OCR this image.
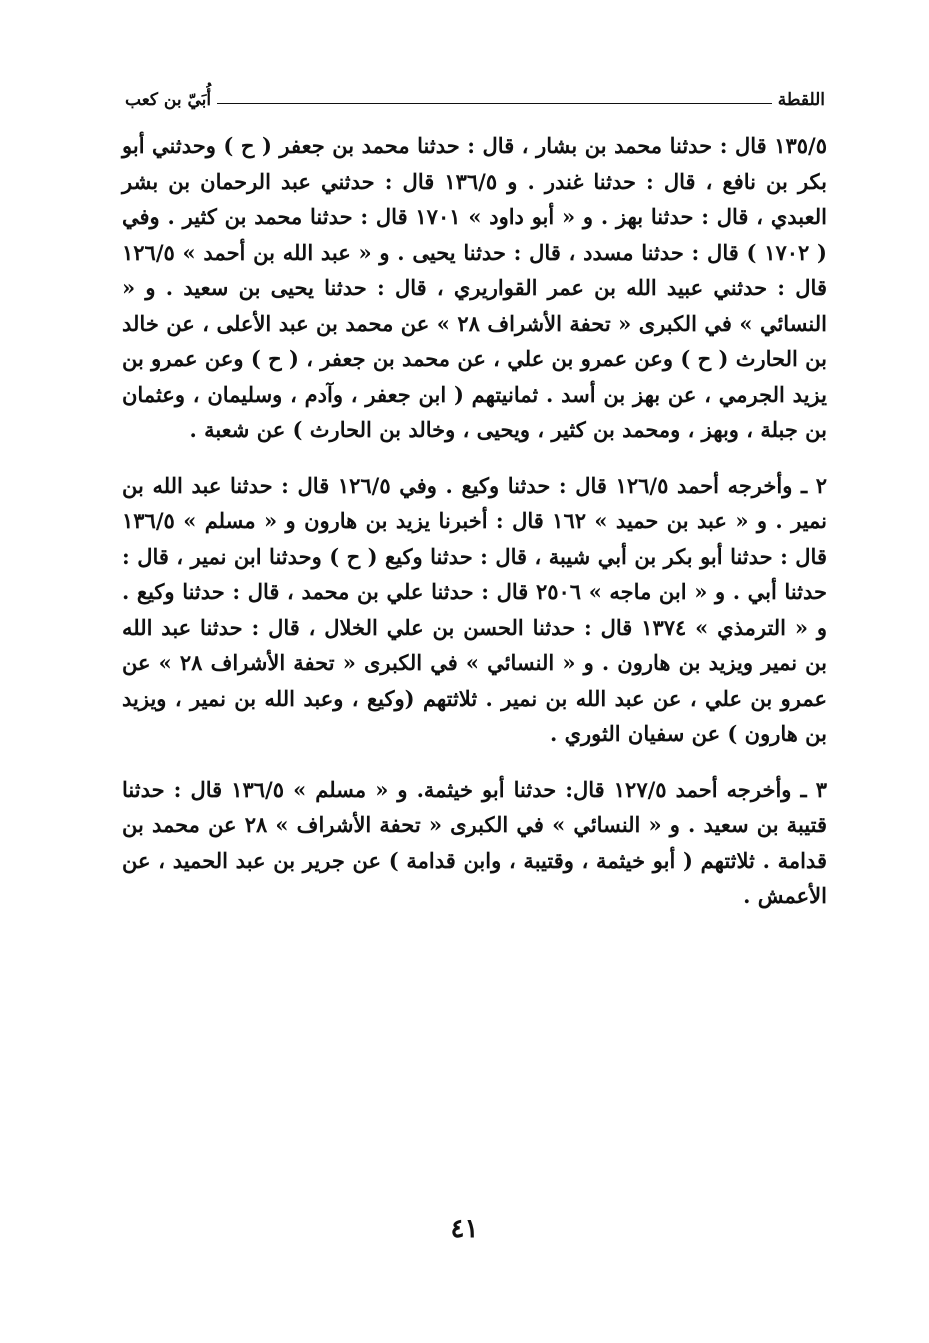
اللقطة
أُبَيّ بن كعب

١٣٥/٥ قال : حدثنا محمد بن بشار ، قال : حدثنا محمد بن جعفر ( ح ) وحدثني أبو بكر بن نافع ، قال : حدثنا غندر . و ١٣٦/٥ قال : حدثني عبد الرحمان بن بشر العبدي ، قال : حدثنا بهز . و « أبو داود » ١٧٠١ قال : حدثنا محمد بن كثير . وفي ( ١٧٠٢ ) قال : حدثنا مسدد ، قال : حدثنا يحيى . و « عبد الله بن أحمد » ١٢٦/٥ قال : حدثني عبيد الله بن عمر القواريري ، قال : حدثنا يحيى بن سعيد . و « النسائي » في الكبرى « تحفة الأشراف ٢٨ » عن محمد بن عبد الأعلى ، عن خالد بن الحارث ( ح ) وعن عمرو بن علي ، عن محمد بن جعفر ، ( ح ) وعن عمرو بن يزيد الجرمي ، عن بهز بن أسد . ثمانيتهم ( ابن جعفر ، وآدم ، وسليمان ، وعثمان بن جبلة ، وبهز ، ومحمد بن كثير ، ويحيى ، وخالد بن الحارث ) عن شعبة .

٢ ـ وأخرجه أحمد ١٢٦/٥ قال : حدثنا وكيع . وفي ١٢٦/٥ قال : حدثنا عبد الله بن نمير . و « عبد بن حميد » ١٦٢ قال : أخبرنا يزيد بن هارون و « مسلم » ١٣٦/٥ قال : حدثنا أبو بكر بن أبي شيبة ، قال : حدثنا وكيع ( ح ) وحدثنا ابن نمير ، قال : حدثنا أبي . و « ابن ماجه » ٢٥٠٦ قال : حدثنا علي بن محمد ، قال : حدثنا وكيع . و « الترمذي » ١٣٧٤ قال : حدثنا الحسن بن علي الخلال ، قال : حدثنا عبد الله بن نمير ويزيد بن هارون . و « النسائي » في الكبرى « تحفة الأشراف ٢٨ » عن عمرو بن علي ، عن عبد الله بن نمير . ثلاثتهم (وكيع ، وعبد الله بن نمير ، ويزيد بن هارون ) عن سفيان الثوري .

٣ ـ وأخرجه أحمد ١٢٧/٥ قال: حدثنا أبو خيثمة. و « مسلم » ١٣٦/٥ قال : حدثنا قتيبة بن سعيد . و « النسائي » في الكبرى « تحفة الأشراف » ٢٨ عن محمد بن قدامة . ثلاثتهم ( أبو خيثمة ، وقتيبة ، وابن قدامة ) عن جرير بن عبد الحميد ، عن الأعمش .

٤١
